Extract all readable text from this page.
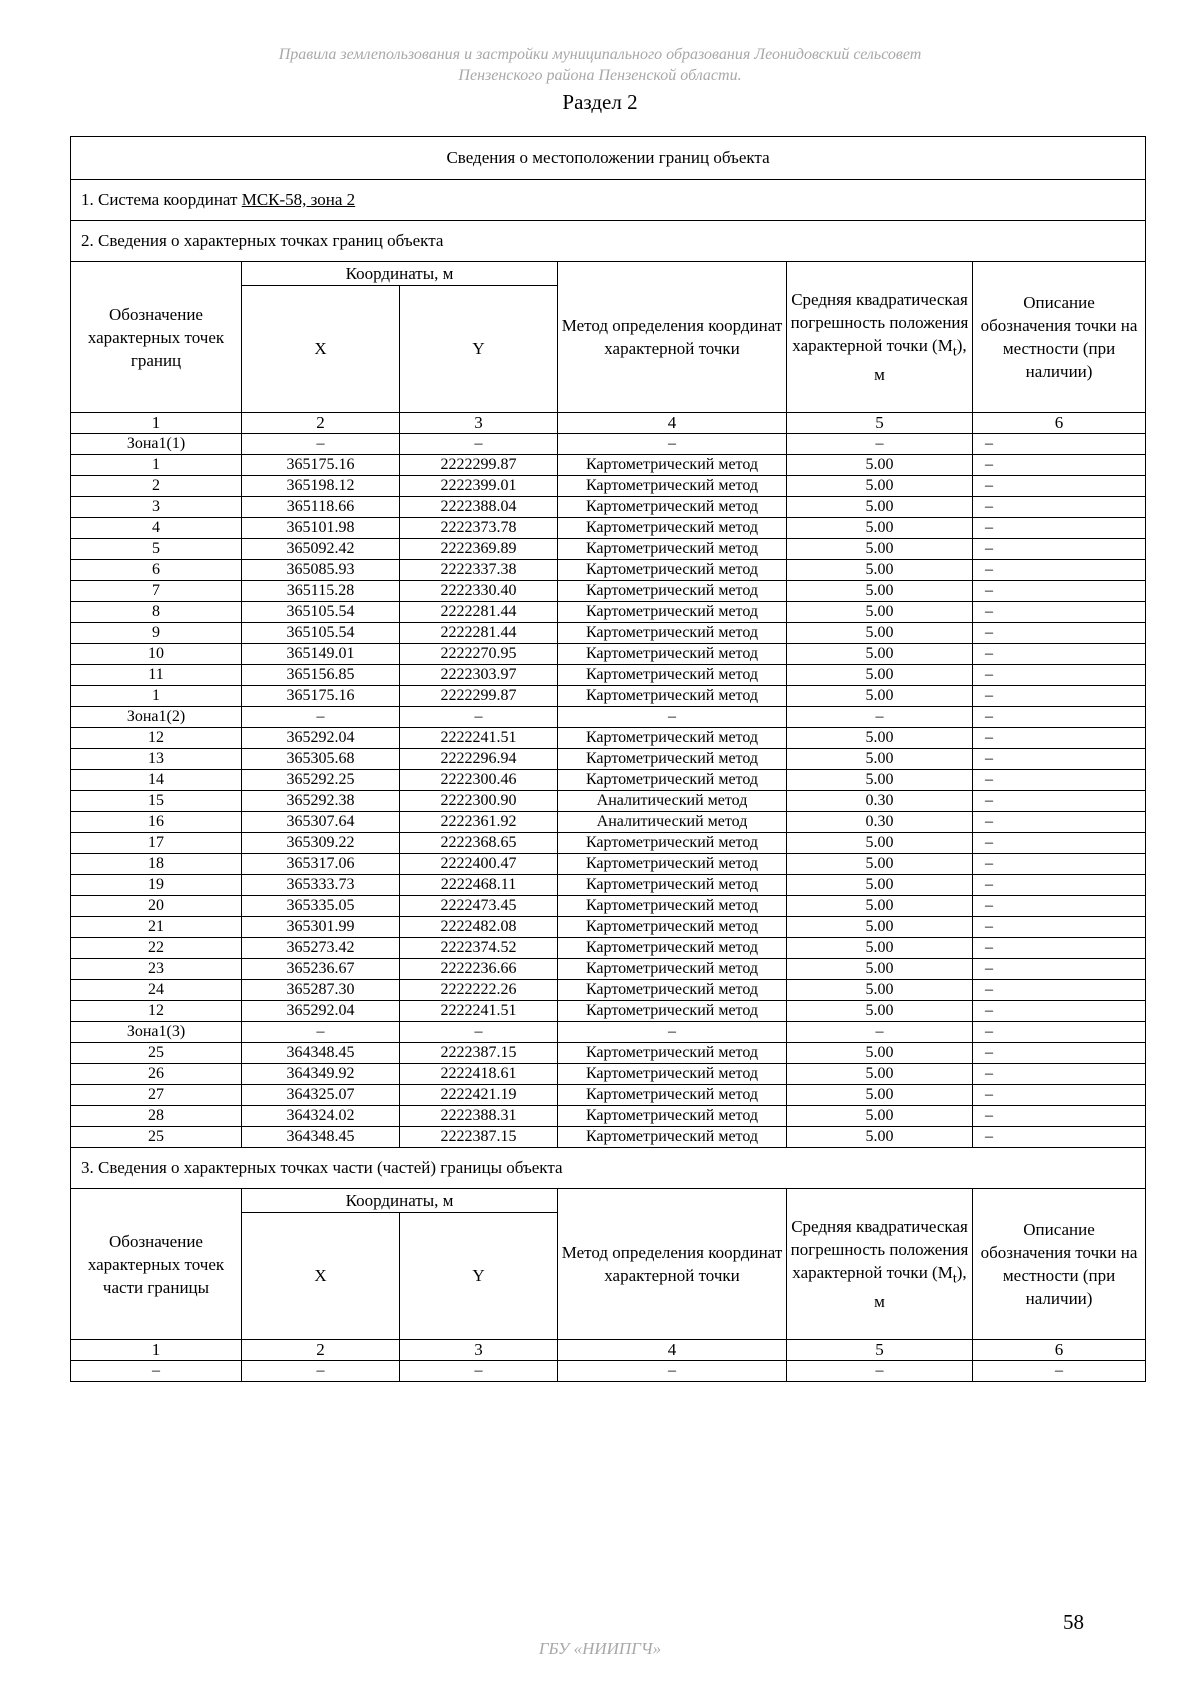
Правила землепользования и застройки муниципального образования Леонидовский сельсовет
Пензенского района Пензенской области.
Раздел 2
Сведения о местоположении границ объекта					
1. Система координат МСК-58, зона 2					
2. Сведения о характерных точках границ объекта					
Обозначение характерных точек границ	Координаты, м		Метод определения координат характерной точки	Средняя квадратическая погрешность положения характерной точки $(M_t)$, м	Описание обозначения точки на местности (при наличии)
	X	Y			
1	2	3	4	5	6
Зона1(1)	–	–	–	–	–
1	365175.16	2222299.87	Картометрический метод	5.00	–
2	365198.12	2222399.01	Картометрический метод	5.00	–
3	365118.66	2222388.04	Картометрический метод	5.00	–
4	365101.98	2222373.78	Картометрический метод	5.00	–
5	365092.42	2222369.89	Картометрический метод	5.00	–
6	365085.93	2222337.38	Картометрический метод	5.00	–
7	365115.28	2222330.40	Картометрический метод	5.00	–
8	365105.54	2222281.44	Картометрический метод	5.00	–
9	365105.54	2222281.44	Картометрический метод	5.00	–
10	365149.01	2222270.95	Картометрический метод	5.00	–
11	365156.85	2222303.97	Картометрический метод	5.00	–
1	365175.16	2222299.87	Картометрический метод	5.00	–
Зона1(2)	–	–	–	–	–
12	365292.04	2222241.51	Картометрический метод	5.00	–
13	365305.68	2222296.94	Картометрический метод	5.00	–
14	365292.25	2222300.46	Картометрический метод	5.00	–
15	365292.38	2222300.90	Аналитический метод	0.30	–
16	365307.64	2222361.92	Аналитический метод	0.30	–
17	365309.22	2222368.65	Картометрический метод	5.00	–
18	365317.06	2222400.47	Картометрический метод	5.00	–
19	365333.73	2222468.11	Картометрический метод	5.00	–
20	365335.05	2222473.45	Картометрический метод	5.00	–
21	365301.99	2222482.08	Картометрический метод	5.00	–
22	365273.42	2222374.52	Картометрический метод	5.00	–
23	365236.67	2222236.66	Картометрический метод	5.00	–
24	365287.30	2222222.26	Картометрический метод	5.00	–
12	365292.04	2222241.51	Картометрический метод	5.00	–
Зона1(3)	–	–	–	–	–
25	364348.45	2222387.15	Картометрический метод	5.00	–
26	364349.92	2222418.61	Картометрический метод	5.00	–
27	364325.07	2222421.19	Картометрический метод	5.00	–
28	364324.02	2222388.31	Картометрический метод	5.00	–
25	364348.45	2222387.15	Картометрический метод	5.00	–
3. Сведения о характерных точках части (частей) границы объекта					
Обозначение характерных точек части границы	Координаты, м		Метод определения координат характерной точки	Средняя квадратическая погрешность положения характерной точки $(M_t)$, м	Описание обозначения точки на местности (при наличии)
	X	Y			
1	2	3	4	5	6
–	–	–	–	–	–
58
ГБУ «НИИПГЧ»
